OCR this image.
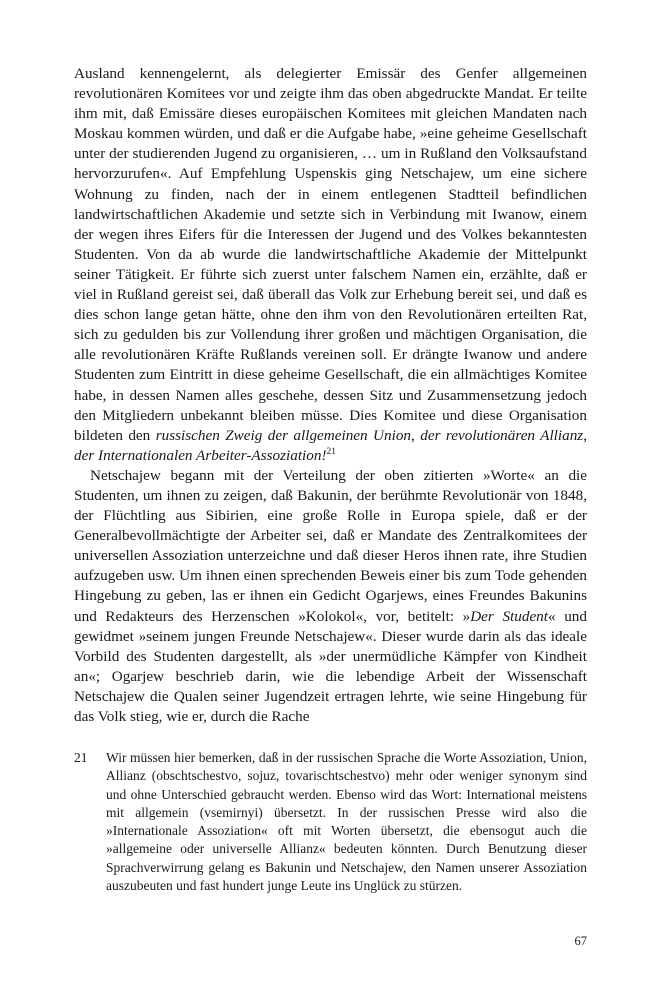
Ausland kennengelernt, als delegierter Emissär des Genfer allgemeinen revolutionären Komitees vor und zeigte ihm das oben abgedruckte Mandat. Er teilte ihm mit, daß Emissäre dieses europäischen Komitees mit gleichen Mandaten nach Moskau kommen würden, und daß er die Aufgabe habe, »eine geheime Gesellschaft unter der studierenden Jugend zu organisieren, … um in Rußland den Volksaufstand hervorzurufen«. Auf Empfehlung Uspenskis ging Netschajew, um eine sichere Wohnung zu finden, nach der in einem entlegenen Stadtteil befindlichen landwirtschaftlichen Akademie und setzte sich in Verbindung mit Iwanow, einem der wegen ihres Eifers für die Interessen der Jugend und des Volkes bekanntesten Studenten. Von da ab wurde die landwirtschaftliche Akademie der Mittelpunkt seiner Tätigkeit. Er führte sich zuerst unter falschem Namen ein, erzählte, daß er viel in Rußland gereist sei, daß überall das Volk zur Erhebung bereit sei, und daß es dies schon lange getan hätte, ohne den ihm von den Revolutionären erteilten Rat, sich zu gedulden bis zur Vollendung ihrer großen und mächtigen Organisation, die alle revolutionären Kräfte Rußlands vereinen soll. Er drängte Iwanow und andere Studenten zum Eintritt in diese geheime Gesellschaft, die ein allmächtiges Komitee habe, in dessen Namen alles geschehe, dessen Sitz und Zusammensetzung jedoch den Mitgliedern unbekannt bleiben müsse. Dies Komitee und diese Organisation bildeten den russischen Zweig der allgemeinen Union, der revolutionären Allianz, der Internationalen Arbeiter-Assoziation!$^{21}$

Netschajew begann mit der Verteilung der oben zitierten »Worte« an die Studenten, um ihnen zu zeigen, daß Bakunin, der berühmte Revolutionär von 1848, der Flüchtling aus Sibirien, eine große Rolle in Europa spiele, daß er der Generalbevollmächtigte der Arbeiter sei, daß er Mandate des Zentralkomitees der universellen Assoziation unterzeichne und daß dieser Heros ihnen rate, ihre Studien aufzugeben usw. Um ihnen einen sprechenden Beweis einer bis zum Tode gehenden Hingebung zu geben, las er ihnen ein Gedicht Ogarjews, eines Freundes Bakunins und Redakteurs des Herzenschen »Kolokol«, vor, betitelt: »Der Student« und gewidmet »seinem jungen Freunde Netschajew«. Dieser wurde darin als das ideale Vorbild des Studenten dargestellt, als »der unermüdliche Kämpfer von Kindheit an«; Ogarjew beschrieb darin, wie die lebendige Arbeit der Wissenschaft Netschajew die Qualen seiner Jugendzeit ertragen lehrte, wie seine Hingebung für das Volk stieg, wie er, durch die Rache

21	Wir müssen hier bemerken, daß in der russischen Sprache die Worte Assoziation, Union, Allianz (obschtschestvo, sojuz, tovarischtschestvo) mehr oder weniger synonym sind und ohne Unterschied gebraucht werden. Ebenso wird das Wort: International meistens mit allgemein (vsemirnyi) übersetzt. In der russischen Presse wird also die »Internationale Assoziation« oft mit Worten übersetzt, die ebensogut auch die »allgemeine oder universelle Allianz« bedeuten könnten. Durch Benutzung dieser Sprachverwirrung gelang es Bakunin und Netschajew, den Namen unserer Assoziation auszubeuten und fast hundert junge Leute ins Unglück zu stürzen.
67
